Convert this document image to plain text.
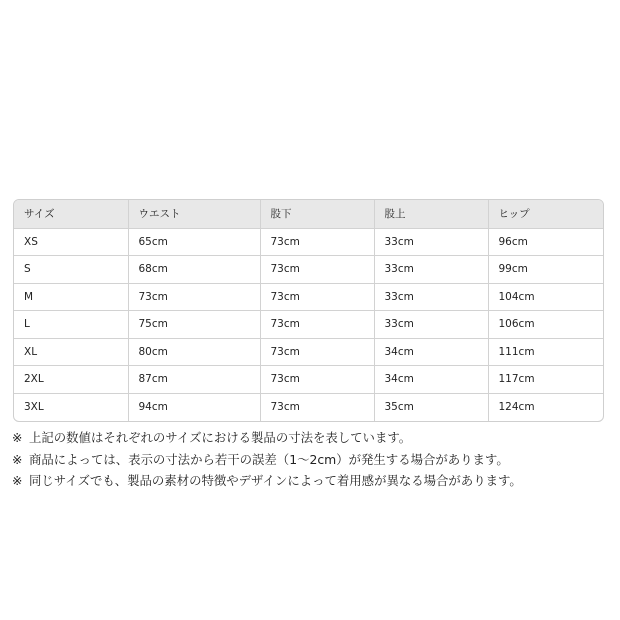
サイズ	ウエスト	股下	股上	ヒップ
XS	65cm	73cm	33cm	96cm
S	68cm	73cm	33cm	99cm
M	73cm	73cm	33cm	104cm
L	75cm	73cm	33cm	106cm
XL	80cm	73cm	34cm	111cm
2XL	87cm	73cm	34cm	117cm
3XL	94cm	73cm	35cm	124cm
※ 上記の数値はそれぞれのサイズにおける製品の寸法を表しています。
※ 商品によっては、表示の寸法から若干の誤差（1～2cm）が発生する場合があります。
※ 同じサイズでも、製品の素材の特徴やデザインによって着用感が異なる場合があります。
